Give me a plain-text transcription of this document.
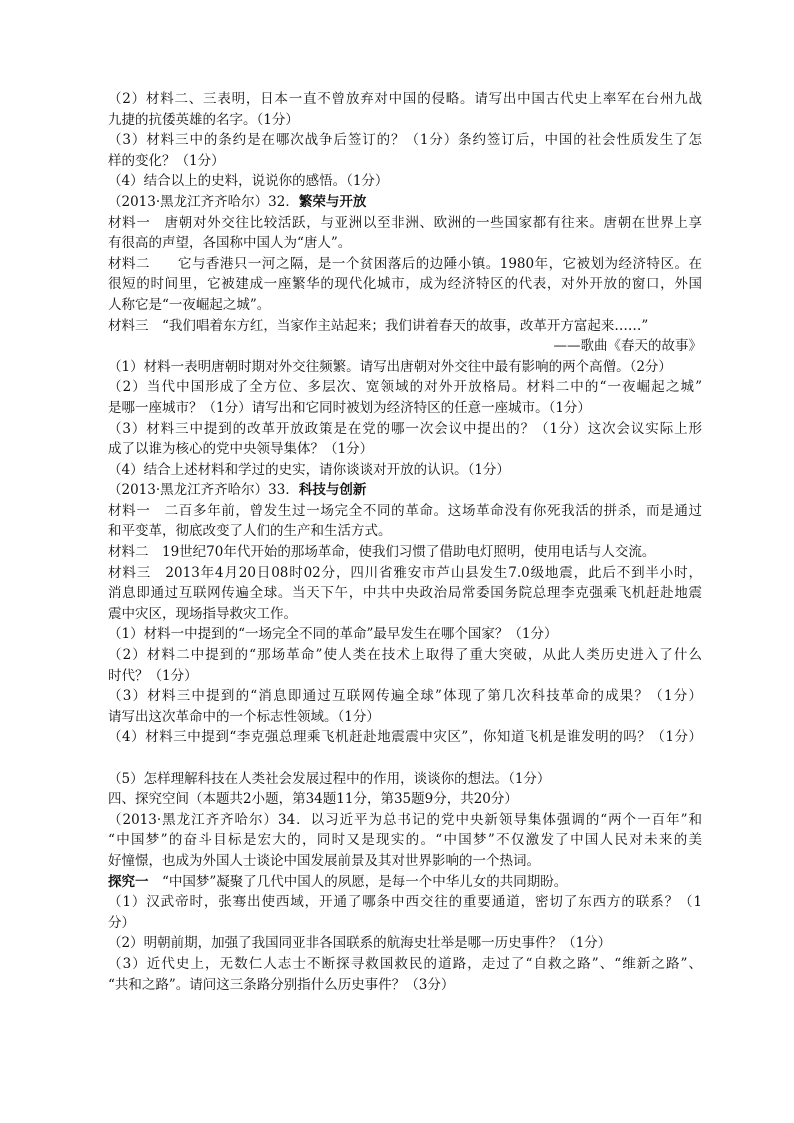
（2）材料二、三表明，日本一直不曾放弃对中国的侵略。请写出中国古代史上率军在台州九战
九捷的抗倭英雄的名字。（1分）
（3）材料三中的条约是在哪次战争后签订的？（1分）条约签订后，中国的社会性质发生了怎
样的变化？（1分）
（4）结合以上的史料，说说你的感悟。（1分）
（2013·黑龙江齐齐哈尔）32．繁荣与开放
材料一　唐朝对外交往比较活跃，与亚洲以至非洲、欧洲的一些国家都有往来。唐朝在世界上享
有很高的声望，各国称中国人为“唐人”。
材料二　　它与香港只一河之隔，是一个贫困落后的边陲小镇。1980年，它被划为经济特区。在
很短的时间里，它被建成一座繁华的现代化城市，成为经济特区的代表，对外开放的窗口，外国
人称它是“一夜崛起之城”。
材料三　“我们唱着东方红，当家作主站起来；我们讲着春天的故事，改革开方富起来……”
——歌曲《春天的故事》
（1）材料一表明唐朝时期对外交往频繁。请写出唐朝对外交往中最有影响的两个高僧。（2分）
（2）当代中国形成了全方位、多层次、宽领域的对外开放格局。材料二中的“一夜崛起之城”
是哪一座城市？（1分）请写出和它同时被划为经济特区的任意一座城市。（1分）
（3）材料三中提到的改革开放政策是在党的哪一次会议中提出的？（1分）这次会议实际上形
成了以谁为核心的党中央领导集体？（1分）
（4）结合上述材料和学过的史实，请你谈谈对开放的认识。（1分）
（2013·黑龙江齐齐哈尔）33．科技与创新
材料一　二百多年前，曾发生过一场完全不同的革命。这场革命没有你死我活的拼杀，而是通过
和平变革，彻底改变了人们的生产和生活方式。
材料二　19世纪70年代开始的那场革命，使我们习惯了借助电灯照明，使用电话与人交流。
材料三　2013年4月20日08时02分，四川省雅安市芦山县发生7.0级地震，此后不到半小时，
消息即通过互联网传遍全球。当天下午，中共中央政治局常委国务院总理李克强乘飞机赶赴地震
震中灾区，现场指导救灾工作。
（1）材料一中提到的“一场完全不同的革命”最早发生在哪个国家？（1分）
（2）材料二中提到的“那场革命”使人类在技术上取得了重大突破，从此人类历史进入了什么
时代？（1分）
（3）材料三中提到的“消息即通过互联网传遍全球”体现了第几次科技革命的成果？（1分）
请写出这次革命中的一个标志性领域。（1分）
（4）材料三中提到“李克强总理乘飞机赶赴地震震中灾区”，你知道飞机是谁发明的吗？（1分）
（5）怎样理解科技在人类社会发展过程中的作用，谈谈你的想法。（1分）
四、探究空间（本题共2小题，第34题11分，第35题9分，共20分）
（2013·黑龙江齐齐哈尔）34．以习近平为总书记的党中央新领导集体强调的“两个一百年”和
“中国梦”的奋斗目标是宏大的，同时又是现实的。“中国梦”不仅激发了中国人民对未来的美
好憧憬，也成为外国人士谈论中国发展前景及其对世界影响的一个热词。
探究一　“中国梦”凝聚了几代中国人的夙愿，是每一个中华儿女的共同期盼。
（1）汉武帝时，张骞出使西域，开通了哪条中西交往的重要通道，密切了东西方的联系？（1
分）
（2）明朝前期，加强了我国同亚非各国联系的航海史壮举是哪一历史事件？（1分）
（3）近代史上，无数仁人志士不断探寻救国救民的道路，走过了“自救之路”、“维新之路”、
“共和之路”。请问这三条路分别指什么历史事件？（3分）
